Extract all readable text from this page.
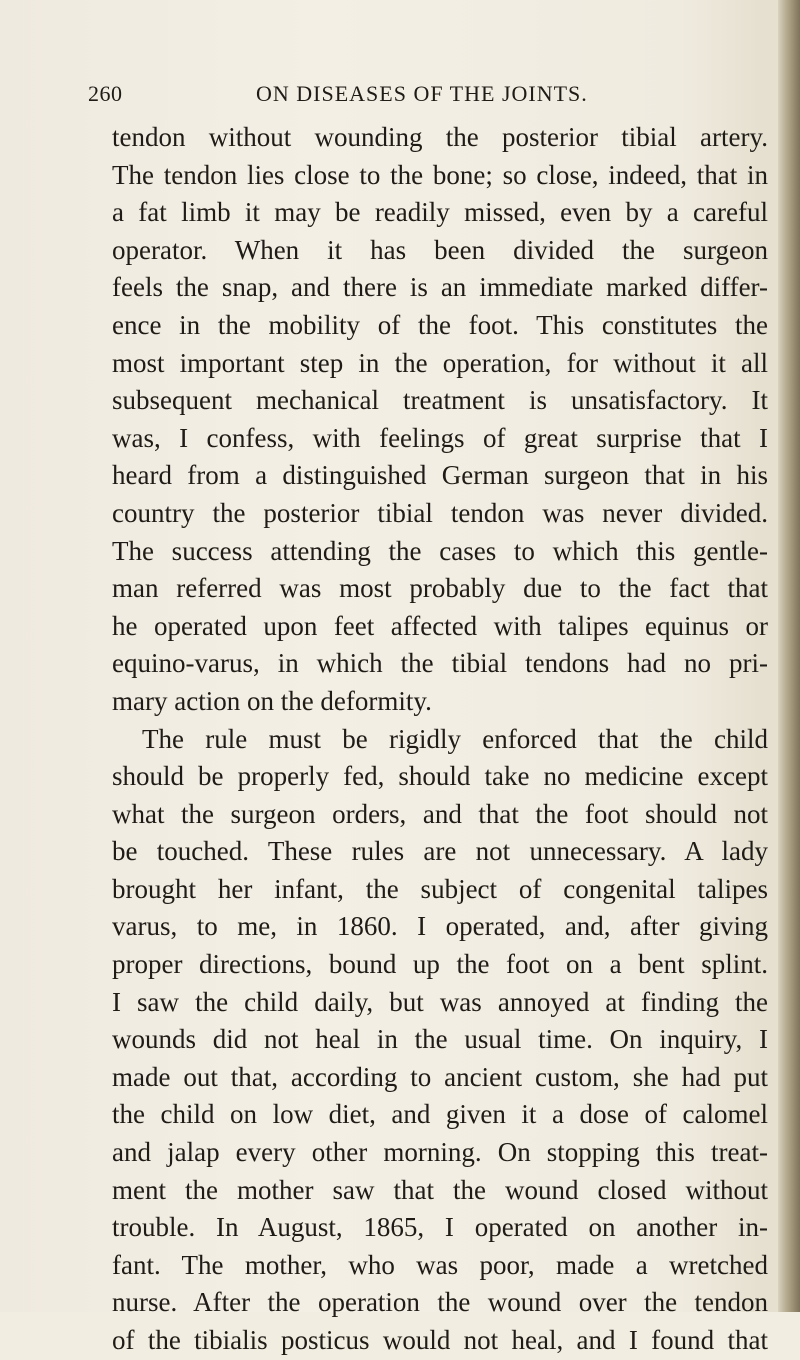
260	ON DISEASES OF THE JOINTS.
tendon without wounding the posterior tibial artery.
The tendon lies close to the bone; so close, indeed, that in
a fat limb it may be readily missed, even by a careful
operator. When it has been divided the surgeon
feels the snap, and there is an immediate marked differ-
ence in the mobility of the foot. This constitutes the
most important step in the operation, for without it all
subsequent mechanical treatment is unsatisfactory. It
was, I confess, with feelings of great surprise that I
heard from a distinguished German surgeon that in his
country the posterior tibial tendon was never divided.
The success attending the cases to which this gentle-
man referred was most probably due to the fact that
he operated upon feet affected with talipes equinus or
equino-varus, in which the tibial tendons had no pri-
mary action on the deformity.
The rule must be rigidly enforced that the child
should be properly fed, should take no medicine except
what the surgeon orders, and that the foot should not
be touched. These rules are not unnecessary. A lady
brought her infant, the subject of congenital talipes
varus, to me, in 1860. I operated, and, after giving
proper directions, bound up the foot on a bent splint.
I saw the child daily, but was annoyed at finding the
wounds did not heal in the usual time. On inquiry, I
made out that, according to ancient custom, she had put
the child on low diet, and given it a dose of calomel
and jalap every other morning. On stopping this treat-
ment the mother saw that the wound closed without
trouble. In August, 1865, I operated on another in-
fant. The mother, who was poor, made a wretched
nurse. After the operation the wound over the tendon
of the tibialis posticus would not heal, and I found that
